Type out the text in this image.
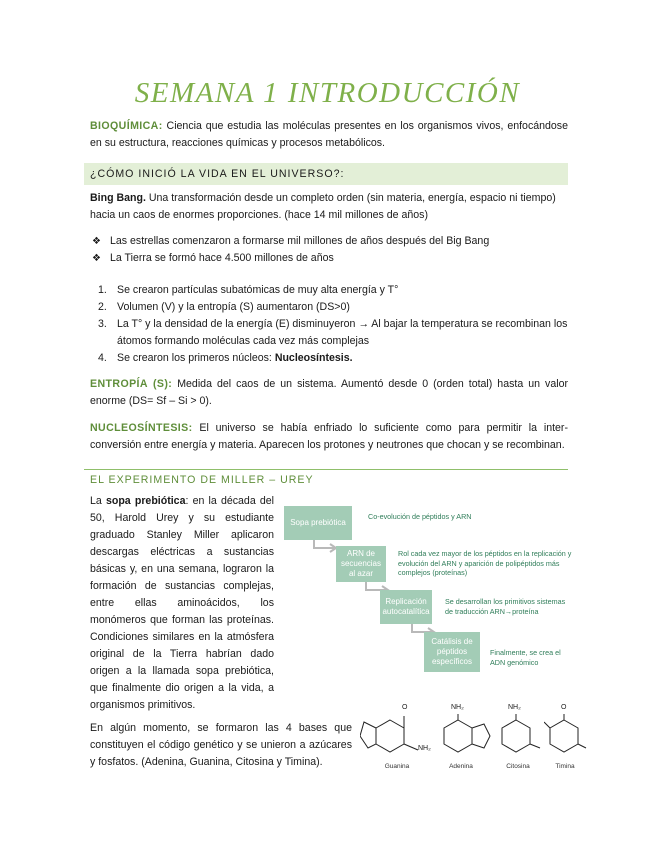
SEMANA 1 INTRODUCCIÓN
BIOQUÍMICA: Ciencia que estudia las moléculas presentes en los organismos vivos, enfocándose en su estructura, reacciones químicas y procesos metabólicos.
¿CÓMO INICIÓ LA VIDA EN EL UNIVERSO?:
Bing Bang. Una transformación desde un completo orden (sin materia, energía, espacio ni tiempo) hacia un caos de enormes proporciones. (hace 14 mil millones de años)
❖ Las estrellas comenzaron a formarse mil millones de años después del Big Bang
❖ La Tierra se formó hace 4.500 millones de años
1. Se crearon partículas subatómicas de muy alta energía y T°
2. Volumen (V) y la entropía (S) aumentaron (DS>0)
3. La T° y la densidad de la energía (E) disminuyeron → Al bajar la temperatura se recombinan los átomos formando moléculas cada vez más complejas
4. Se crearon los primeros núcleos: Nucleosíntesis.
ENTROPÍA (S): Medida del caos de un sistema. Aumentó desde 0 (orden total) hasta un valor enorme (DS= Sf – Si > 0).
NUCLEOSÍNTESIS: El universo se había enfriado lo suficiente como para permitir la inter-conversión entre energía y materia. Aparecen los protones y neutrones que chocan y se recombinan.
EL EXPERIMENTO DE MILLER – UREY
La sopa prebiótica: en la década del 50, Harold Urey y su estudiante graduado Stanley Miller aplicaron descargas eléctricas a sustancias básicas y, en una semana, lograron la formación de sustancias complejas, entre ellas aminoácidos, los monómeros que forman las proteínas. Condiciones similares en la atmósfera original de la Tierra habrían dado origen a la llamada sopa prebiótica, que finalmente dio origen a la vida, a organismos primitivos.
Sopa prebiótica
Co-evolución de péptidos y ARN
ARN de secuencias al azar
Rol cada vez mayor de los péptidos en la replicación y evolución del ARN y aparición de polipéptidos más complejos (proteínas)
Replicación autocatalítica
Se desarrollan los primitivos sistemas de traducción ARN→proteína
Catálisis de péptidos específicos
Finalmente, se crea el ADN genómico
En algún momento, se formaron las 4 bases que constituyen el código genético y se unieron a azúcares y fosfatos. (Adenina, Guanina, Citosina y Timina).
O
NH₂
Guanina
NH₂
Adenina
NH₂
Citosina
O
Timina
